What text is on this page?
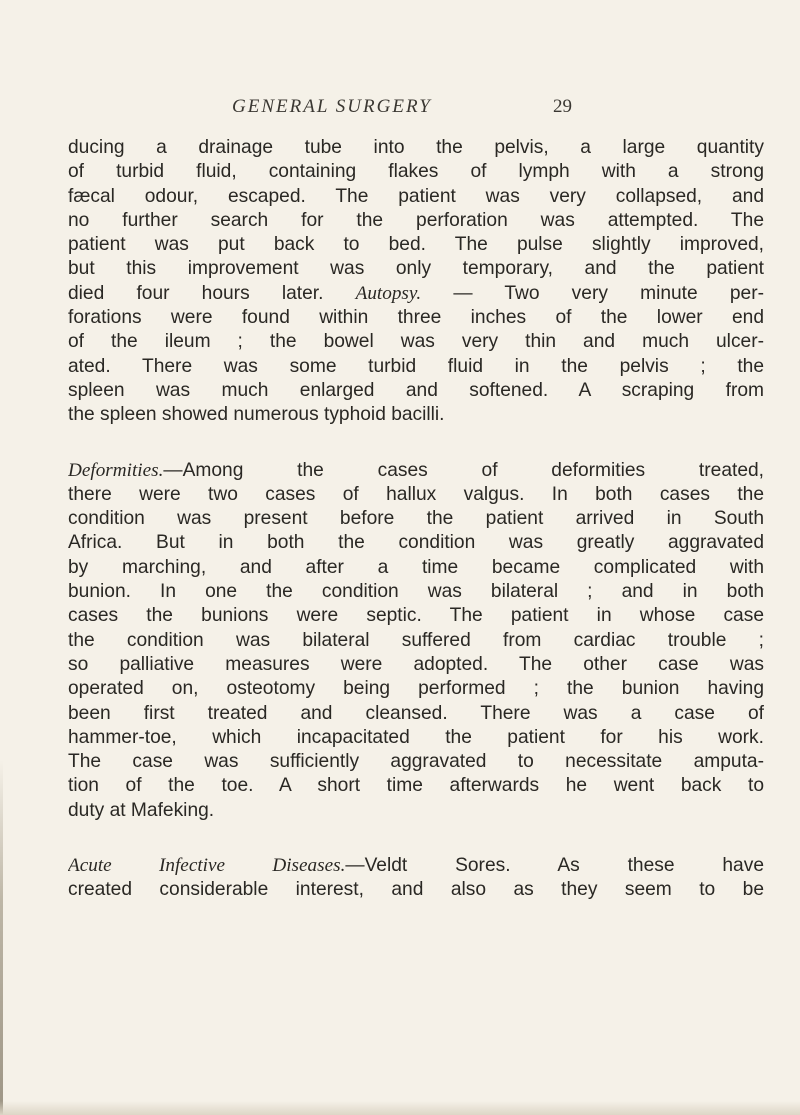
GENERAL SURGERY	29
ducing a drainage tube into the pelvis, a large quantity
of turbid fluid, containing flakes of lymph with a strong
fæcal odour, escaped. The patient was very collapsed, and
no further search for the perforation was attempted. The
patient was put back to bed. The pulse slightly improved,
but this improvement was only temporary, and the patient
died four hours later. Autopsy. — Two very minute per-
forations were found within three inches of the lower end
of the ileum ; the bowel was very thin and much ulcer-
ated. There was some turbid fluid in the pelvis ; the
spleen was much enlarged and softened. A scraping from
the spleen showed numerous typhoid bacilli.
Deformities.—Among the cases of deformities treated,
there were two cases of hallux valgus. In both cases the
condition was present before the patient arrived in South
Africa. But in both the condition was greatly aggravated
by marching, and after a time became complicated with
bunion. In one the condition was bilateral ; and in both
cases the bunions were septic. The patient in whose case
the condition was bilateral suffered from cardiac trouble ;
so palliative measures were adopted. The other case was
operated on, osteotomy being performed ; the bunion having
been first treated and cleansed. There was a case of
hammer-toe, which incapacitated the patient for his work.
The case was sufficiently aggravated to necessitate amputa-
tion of the toe. A short time afterwards he went back to
duty at Mafeking.
Acute Infective Diseases.—Veldt Sores. As these have
created considerable interest, and also as they seem to be
